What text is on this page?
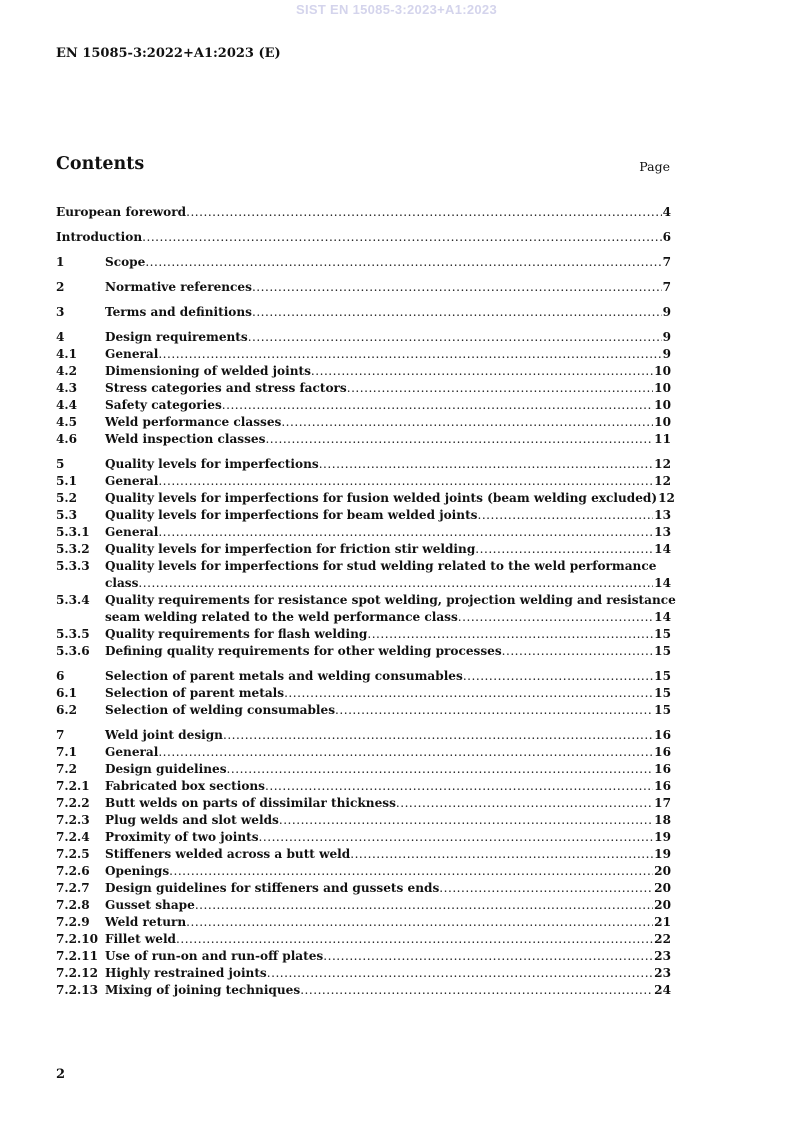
SIST EN 15085-3:2023+A1:2023
EN 15085-3:2022+A1:2023 (E)
Contents	Page
European foreword .....	4
Introduction .....	6
1	Scope .....	7
2	Normative references .....	7
3	Terms and definitions .....	9
4	Design requirements .....	9
4.1 General .....	9
4.2 Dimensioning of welded joints .....	10
4.3 Stress categories and stress factors .....	10
4.4 Safety categories .....	10
4.5 Weld performance classes .....	10
4.6 Weld inspection classes .....	11
5	Quality levels for imperfections .....	12
5.1 General .....	12
5.2 Quality levels for imperfections for fusion welded joints (beam welding excluded) 12
5.3 Quality levels for imperfections for beam welded joints .....	13
5.3.1 General .....	13
5.3.2 Quality levels for imperfection for friction stir welding .....	14
5.3.3 Quality levels for imperfections for stud welding related to the weld performance
class .....	14
5.3.4 Quality requirements for resistance spot welding, projection welding and resistance
seam welding related to the weld performance class .....	14
5.3.5 Quality requirements for flash welding .....	15
5.3.6 Defining quality requirements for other welding processes .....	15
6	Selection of parent metals and welding consumables .....	15
6.1 Selection of parent metals .....	15
6.2 Selection of welding consumables .....	15
7	Weld joint design .....	16
7.1 General .....	16
7.2 Design guidelines .....	16
7.2.1 Fabricated box sections .....	16
7.2.2 Butt welds on parts of dissimilar thickness .....	17
7.2.3 Plug welds and slot welds .....	18
7.2.4 Proximity of two joints .....	19
7.2.5 Stiffeners welded across a butt weld .....	19
7.2.6 Openings .....	20
7.2.7 Design guidelines for stiffeners and gussets ends .....	20
7.2.8 Gusset shape .....	20
7.2.9 Weld return .....	21
7.2.10 Fillet weld .....	22
7.2.11 Use of run-on and run-off plates .....	23
7.2.12 Highly restrained joints .....	23
7.2.13 Mixing of joining techniques .....	24
2
